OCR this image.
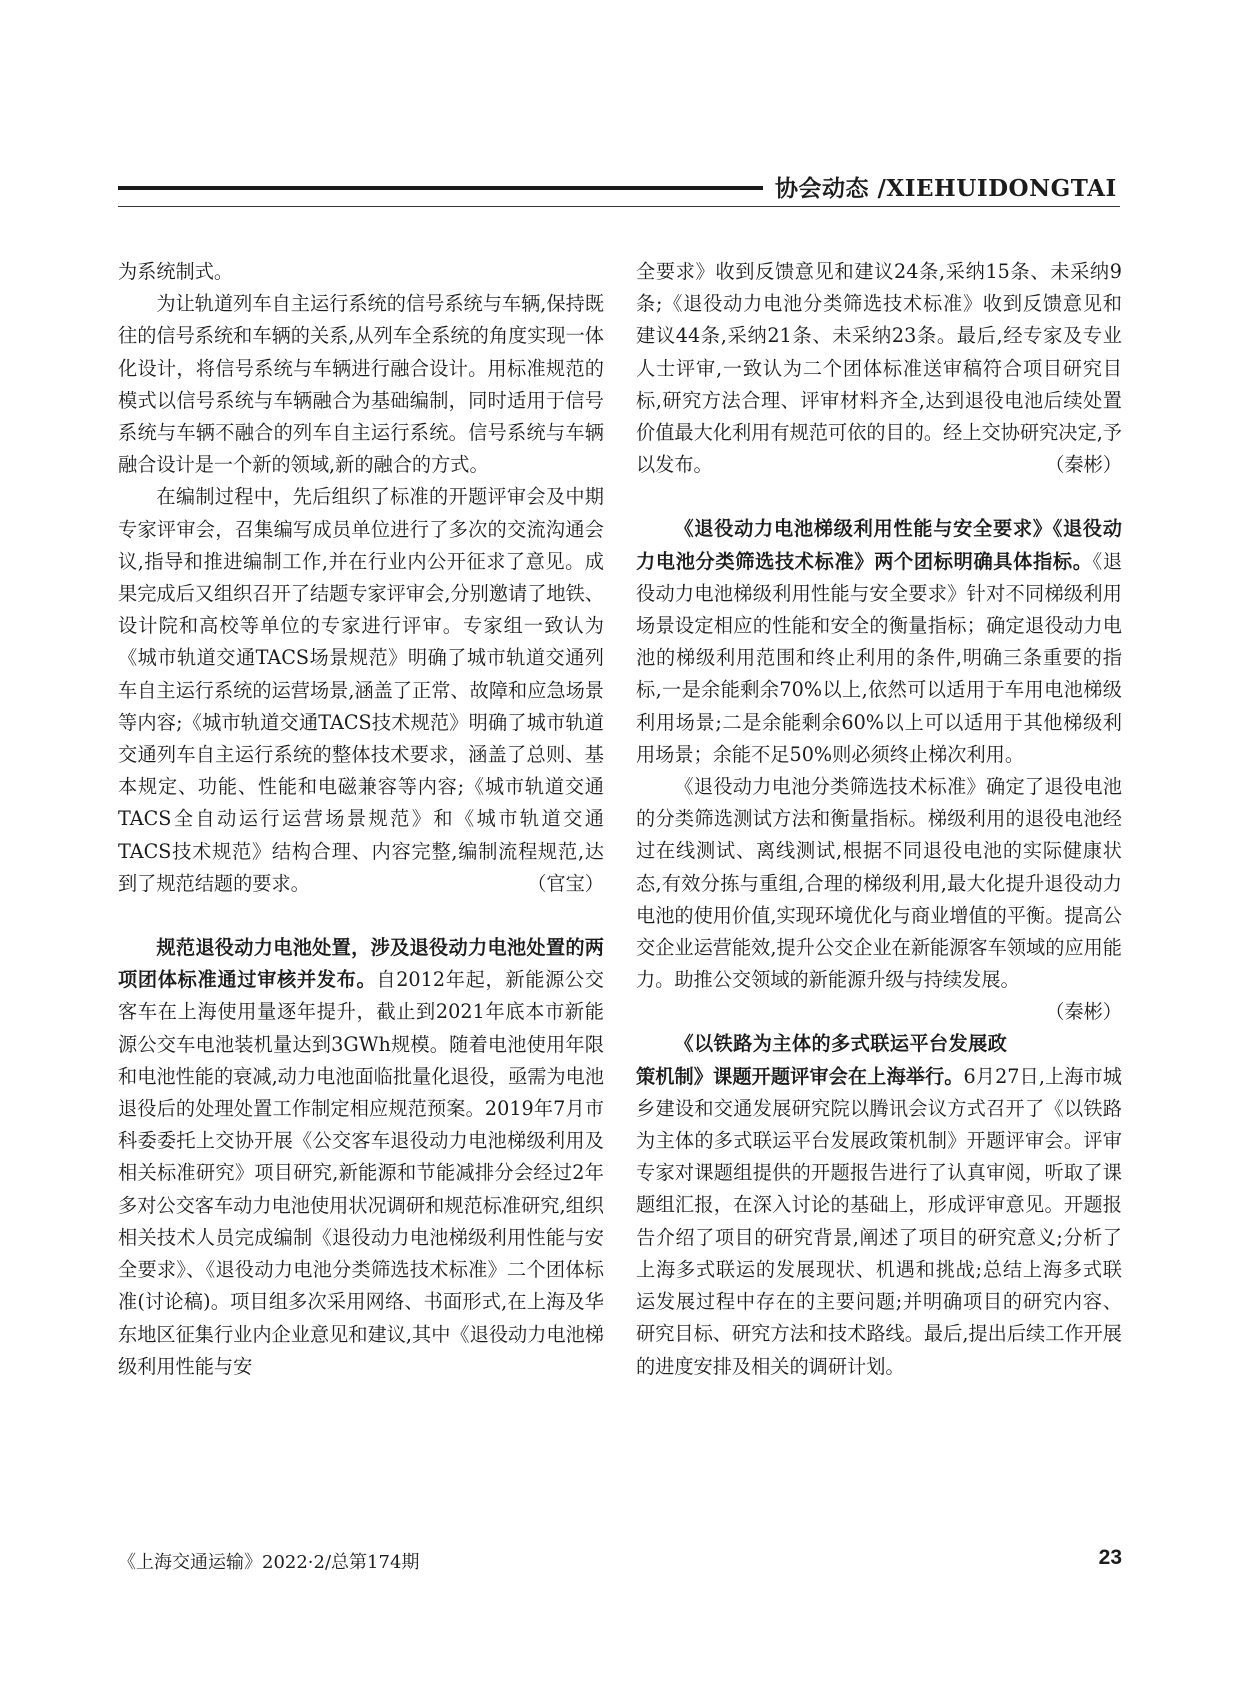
协会动态 /XIEHUIDONGTAI

为系统制式。

为让轨道列车自主运行系统的信号系统与车辆,保持既往的信号系统和车辆的关系,从列车全系统的角度实现一体化设计，将信号系统与车辆进行融合设计。用标准规范的模式以信号系统与车辆融合为基础编制，同时适用于信号系统与车辆不融合的列车自主运行系统。信号系统与车辆融合设计是一个新的领域,新的融合的方式。

在编制过程中，先后组织了标准的开题评审会及中期专家评审会，召集编写成员单位进行了多次的交流沟通会议,指导和推进编制工作,并在行业内公开征求了意见。成果完成后又组织召开了结题专家评审会,分别邀请了地铁、设计院和高校等单位的专家进行评审。专家组一致认为《城市轨道交通TACS场景规范》明确了城市轨道交通列车自主运行系统的运营场景,涵盖了正常、故障和应急场景等内容;《城市轨道交通TACS技术规范》明确了城市轨道交通列车自主运行系统的整体技术要求，涵盖了总则、基本规定、功能、性能和电磁兼容等内容;《城市轨道交通TACS全自动运行运营场景规范》和《城市轨道交通TACS技术规范》结构合理、内容完整,编制流程规范,达到了规范结题的要求。	（官宝）

规范退役动力电池处置，涉及退役动力电池处置的两项团体标准通过审核并发布。自2012年起，新能源公交客车在上海使用量逐年提升，截止到2021年底本市新能源公交车电池装机量达到3GWh规模。随着电池使用年限和电池性能的衰减,动力电池面临批量化退役，亟需为电池退役后的处理处置工作制定相应规范预案。2019年7月市科委委托上交协开展《公交客车退役动力电池梯级利用及相关标准研究》项目研究,新能源和节能减排分会经过2年多对公交客车动力电池使用状况调研和规范标准研究,组织相关技术人员完成编制《退役动力电池梯级利用性能与安全要求》、《退役动力电池分类筛选技术标准》二个团体标准(讨论稿)。项目组多次采用网络、书面形式,在上海及华东地区征集行业内企业意见和建议,其中《退役动力电池梯级利用性能与安

全要求》收到反馈意见和建议24条,采纳15条、未采纳9条;《退役动力电池分类筛选技术标准》收到反馈意见和建议44条,采纳21条、未采纳23条。最后,经专家及专业人士评审,一致认为二个团体标准送审稿符合项目研究目标,研究方法合理、评审材料齐全,达到退役电池后续处置价值最大化利用有规范可依的目的。经上交协研究决定,予以发布。	（秦彬）

《退役动力电池梯级利用性能与安全要求》《退役动力电池分类筛选技术标准》两个团标明确具体指标。《退役动力电池梯级利用性能与安全要求》针对不同梯级利用场景设定相应的性能和安全的衡量指标；确定退役动力电池的梯级利用范围和终止利用的条件,明确三条重要的指标,一是余能剩余70%以上,依然可以适用于车用电池梯级利用场景;二是余能剩余60%以上可以适用于其他梯级利用场景；余能不足50%则必须终止梯次利用。

《退役动力电池分类筛选技术标准》确定了退役电池的分类筛选测试方法和衡量指标。梯级利用的退役电池经过在线测试、离线测试,根据不同退役电池的实际健康状态,有效分拣与重组,合理的梯级利用,最大化提升退役动力电池的使用价值,实现环境优化与商业增值的平衡。提高公交企业运营能效,提升公交企业在新能源客车领域的应用能力。助推公交领域的新能源升级与持续发展。
（秦彬）

《以铁路为主体的多式联运平台发展政策机制》课题开题评审会在上海举行。6月27日,上海市城乡建设和交通发展研究院以腾讯会议方式召开了《以铁路为主体的多式联运平台发展政策机制》开题评审会。评审专家对课题组提供的开题报告进行了认真审阅，听取了课题组汇报，在深入讨论的基础上，形成评审意见。开题报告介绍了项目的研究背景,阐述了项目的研究意义;分析了上海多式联运的发展现状、机遇和挑战;总结上海多式联运发展过程中存在的主要问题;并明确项目的研究内容、研究目标、研究方法和技术路线。最后,提出后续工作开展的进度安排及相关的调研计划。

《上海交通运输》2022·2/总第174期	23
